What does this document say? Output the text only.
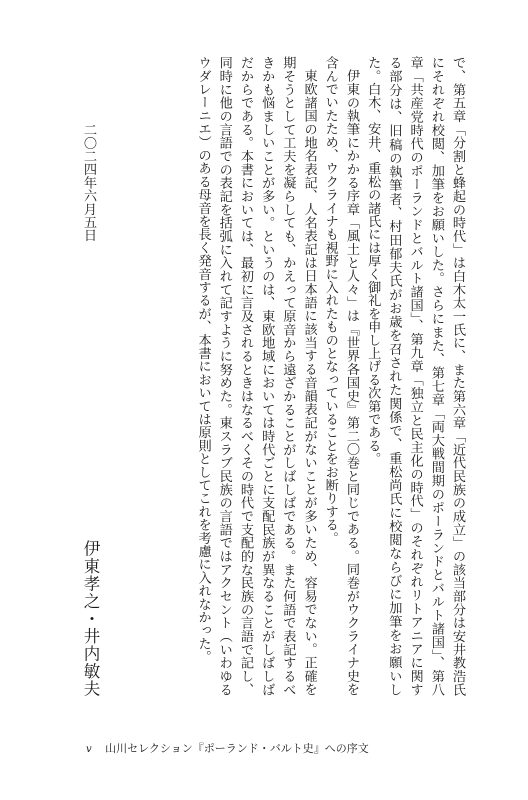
で、第五章「分割と蜂起の時代」は白木太一氏に、また第六章「近代民族の成立」の該当部分は安井教浩氏にそれぞれ校閲、加筆をお願いした。さらにまた、第七章「両大戦間期のポーランドとバルト諸国」、第八章「共産党時代のポーランドとバルト諸国」、第九章「独立と民主化の時代」のそれぞれリトアニアに関する部分は、旧稿の執筆者、村田郁夫氏がお歳を召された関係で、重松尚氏に校閲ならびに加筆をお願いした。白木、安井、重松の諸氏には厚く御礼を申し上げる次第である。

伊東の執筆にかかる序章「風土と人々」は『世界各国史』第二〇巻と同じである。同巻がウクライナ史を含んでいたため、ウクライナも視野に入れたものとなっていることをお断りする。

東欧諸国の地名表記、人名表記は日本語に該当する音韻表記がないことが多いため、容易でない。正確を期そうとして工夫を凝らしても、かえって原音から遠ざかることがしばしばである。また何語で表記するべきかも悩ましいことが多い。というのは、東欧地域においては時代ごとに支配民族が異なることがしばしばだからである。本書においては、最初に言及されるときはなるべくその時代で支配的な民族の言語で記し、同時に他の言語での表記を括弧に入れて記すように努めた。東スラブ民族の言語ではアクセント（いわゆるウダレーニエ）のある母音を長く発音するが、本書においては原則としてこれを考慮に入れなかった。

二〇二四年六月五日
伊東孝之・井内敏夫
v 山川セレクション『ポーランド・バルト史』への序文
